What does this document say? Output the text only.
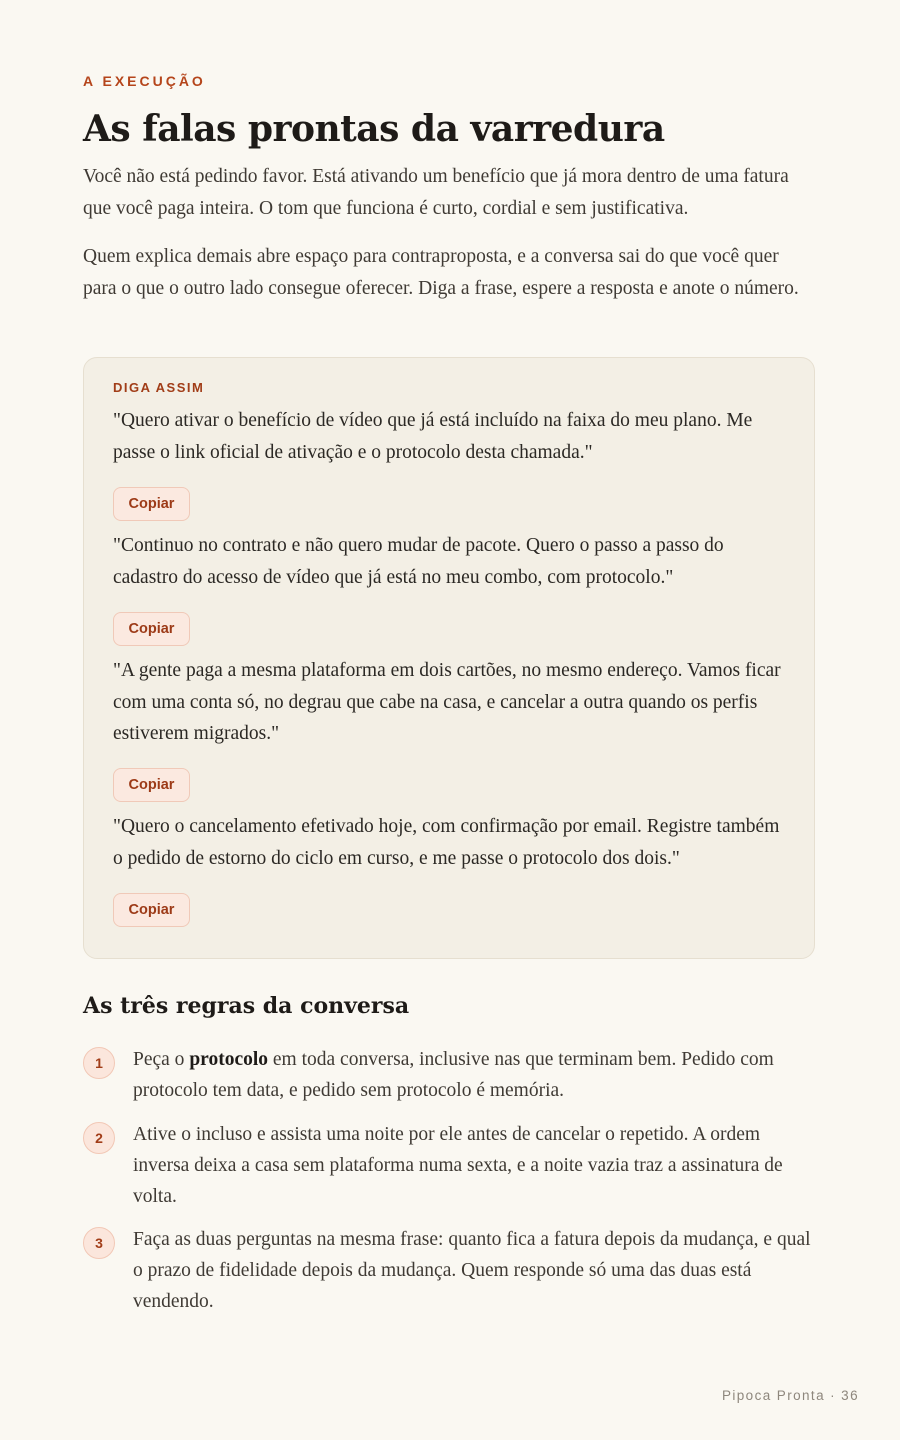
A EXECUÇÃO

As falas prontas da varredura

Você não está pedindo favor. Está ativando um benefício que já mora dentro de uma fatura que você paga inteira. O tom que funciona é curto, cordial e sem justificativa.

Quem explica demais abre espaço para contraproposta, e a conversa sai do que você quer para o que o outro lado consegue oferecer. Diga a frase, espere a resposta e anote o número.

DIGA ASSIM

"Quero ativar o benefício de vídeo que já está incluído na faixa do meu plano. Me passe o link oficial de ativação e o protocolo desta chamada."

Copiar

"Continuo no contrato e não quero mudar de pacote. Quero o passo a passo do cadastro do acesso de vídeo que já está no meu combo, com protocolo."

Copiar

"A gente paga a mesma plataforma em dois cartões, no mesmo endereço. Vamos ficar com uma conta só, no degrau que cabe na casa, e cancelar a outra quando os perfis estiverem migrados."

Copiar

"Quero o cancelamento efetivado hoje, com confirmação por email. Registre também o pedido de estorno do ciclo em curso, e me passe o protocolo dos dois."

Copiar
As três regras da conversa
1	Peça o protocolo em toda conversa, inclusive nas que terminam bem. Pedido com protocolo tem data, e pedido sem protocolo é memória.

2	Ative o incluso e assista uma noite por ele antes de cancelar o repetido. A ordem inversa deixa a casa sem plataforma numa sexta, e a noite vazia traz a assinatura de volta.

3	Faça as duas perguntas na mesma frase: quanto fica a fatura depois da mudança, e qual o prazo de fidelidade depois da mudança. Quem responde só uma das duas está vendendo.

Pipoca Pronta · 36
